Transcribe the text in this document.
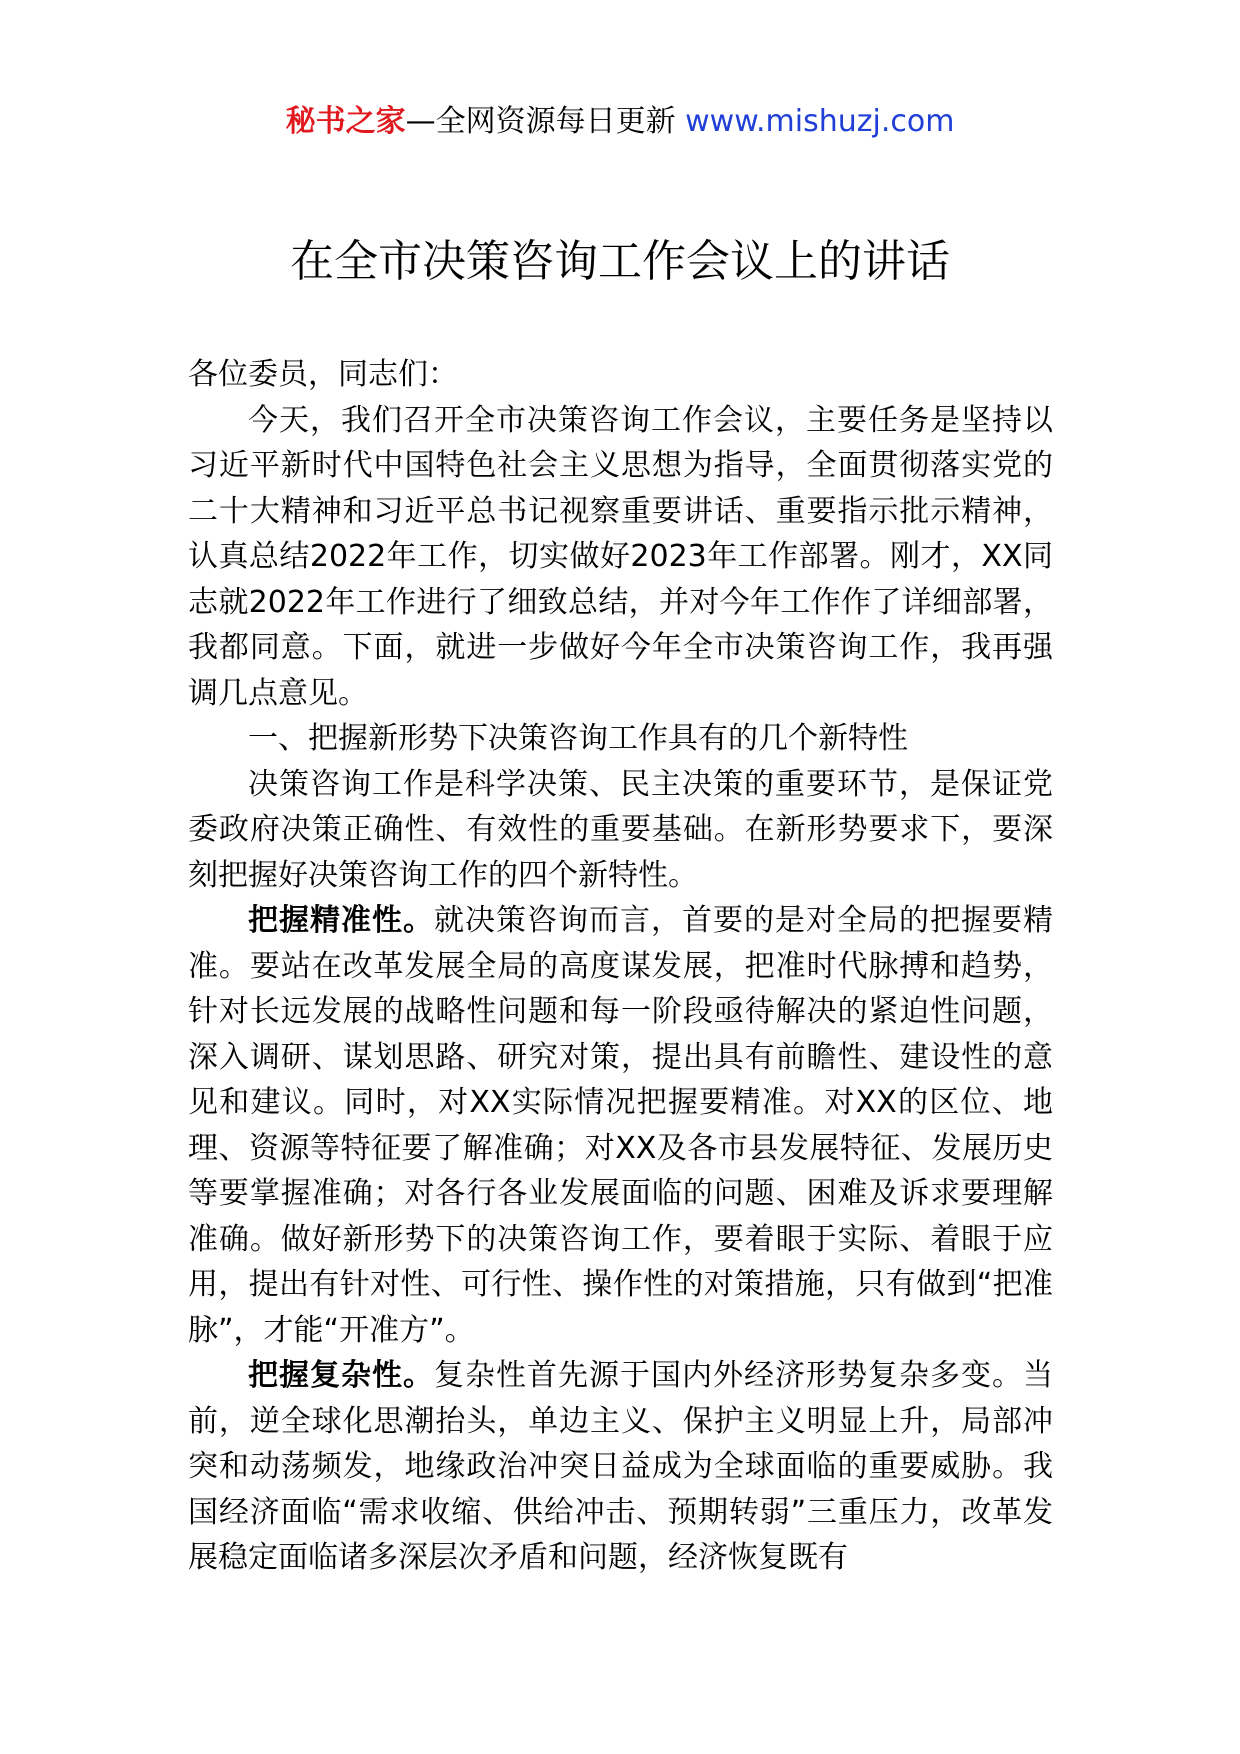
秘书之家—全网资源每日更新 www.mishuzj.com
在全市决策咨询工作会议上的讲话

各位委员，同志们：

今天，我们召开全市决策咨询工作会议，主要任务是坚持以习近平新时代中国特色社会主义思想为指导，全面贯彻落实党的二十大精神和习近平总书记视察重要讲话、重要指示批示精神，认真总结2022年工作，切实做好2023年工作部署。刚才，XX同志就2022年工作进行了细致总结，并对今年工作作了详细部署，我都同意。下面，就进一步做好今年全市决策咨询工作，我再强调几点意见。

一、把握新形势下决策咨询工作具有的几个新特性

决策咨询工作是科学决策、民主决策的重要环节，是保证党委政府决策正确性、有效性的重要基础。在新形势要求下，要深刻把握好决策咨询工作的四个新特性。

把握精准性。就决策咨询而言，首要的是对全局的把握要精准。要站在改革发展全局的高度谋发展，把准时代脉搏和趋势，针对长远发展的战略性问题和每一阶段亟待解决的紧迫性问题，深入调研、谋划思路、研究对策，提出具有前瞻性、建设性的意见和建议。同时，对XX实际情况把握要精准。对XX的区位、地理、资源等特征要了解准确；对XX及各市县发展特征、发展历史等要掌握准确；对各行各业发展面临的问题、困难及诉求要理解准确。做好新形势下的决策咨询工作，要着眼于实际、着眼于应用，提出有针对性、可行性、操作性的对策措施，只有做到“把准脉”，才能“开准方”。

把握复杂性。复杂性首先源于国内外经济形势复杂多变。当前，逆全球化思潮抬头，单边主义、保护主义明显上升，局部冲突和动荡频发，地缘政治冲突日益成为全球面临的重要威胁。我国经济面临“需求收缩、供给冲击、预期转弱”三重压力，改革发展稳定面临诸多深层次矛盾和问题，经济恢复既有
